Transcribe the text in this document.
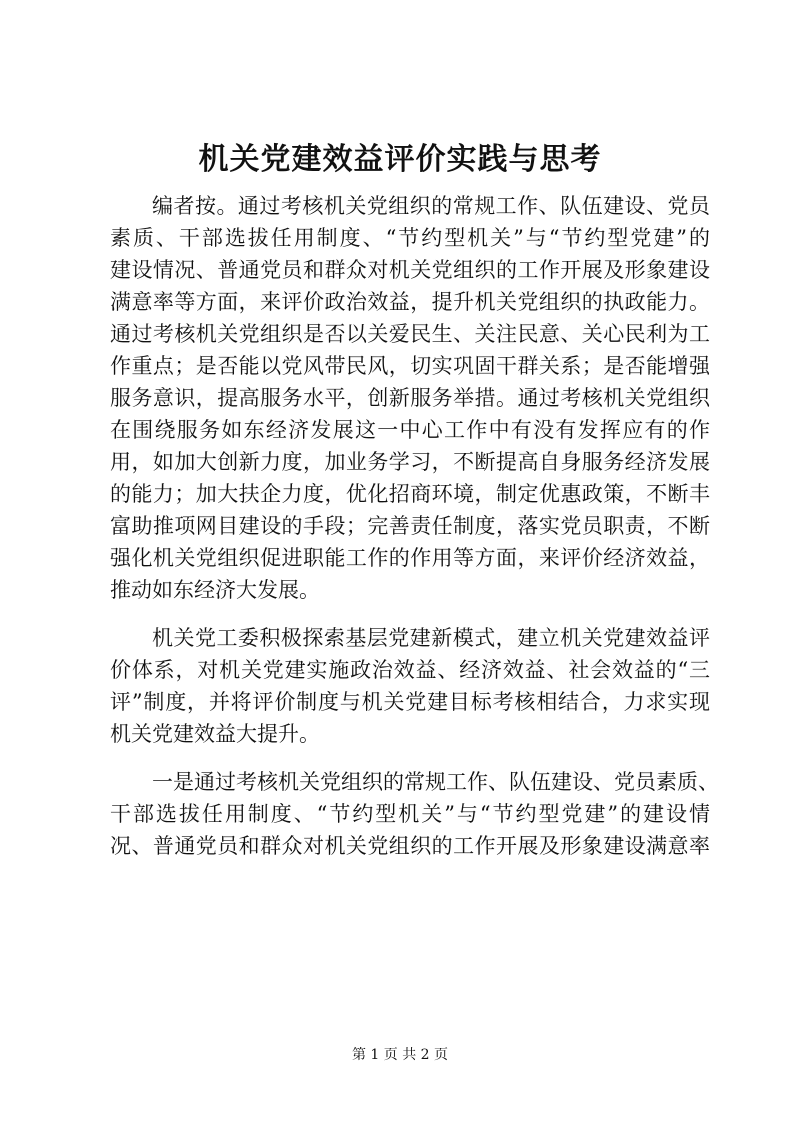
机关党建效益评价实践与思考
编者按。通过考核机关党组织的常规工作、队伍建设、党员
素质、干部选拔任用制度、“节约型机关”与“节约型党建”的
建设情况、普通党员和群众对机关党组织的工作开展及形象建设
满意率等方面，来评价政治效益，提升机关党组织的执政能力。
通过考核机关党组织是否以关爱民生、关注民意、关心民利为工
作重点；是否能以党风带民风，切实巩固干群关系；是否能增强
服务意识，提高服务水平，创新服务举措。通过考核机关党组织
在围绕服务如东经济发展这一中心工作中有没有发挥应有的作
用，如加大创新力度，加业务学习，不断提高自身服务经济发展
的能力；加大扶企力度，优化招商环境，制定优惠政策，不断丰
富助推项网目建设的手段；完善责任制度，落实党员职责，不断
强化机关党组织促进职能工作的作用等方面，来评价经济效益，
推动如东经济大发展。
机关党工委积极探索基层党建新模式，建立机关党建效益评
价体系，对机关党建实施政治效益、经济效益、社会效益的“三
评”制度，并将评价制度与机关党建目标考核相结合，力求实现
机关党建效益大提升。
一是通过考核机关党组织的常规工作、队伍建设、党员素质、
干部选拔任用制度、“节约型机关”与“节约型党建”的建设情
况、普通党员和群众对机关党组织的工作开展及形象建设满意率
第 1 页 共 2 页
